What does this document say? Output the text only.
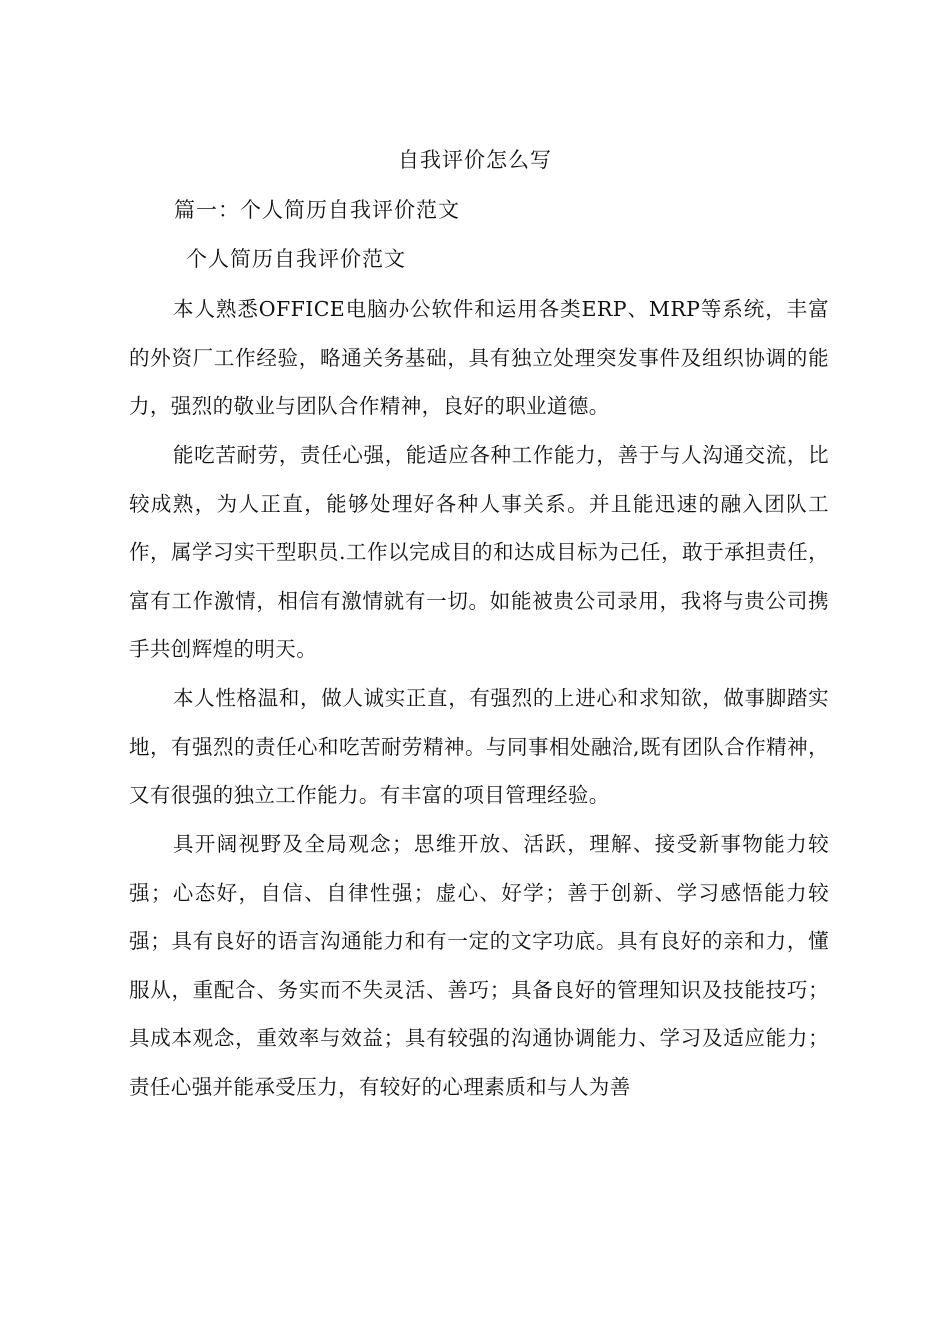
自我评价怎么写
篇一：个人简历自我评价范文
个人简历自我评价范文

本人熟悉OFFICE电脑办公软件和运用各类ERP、MRP等系统，丰富的外资厂工作经验，略通关务基础，具有独立处理突发事件及组织协调的能力，强烈的敬业与团队合作精神，良好的职业道德。

能吃苦耐劳，责任心强，能适应各种工作能力，善于与人沟通交流，比较成熟，为人正直，能够处理好各种人事关系。并且能迅速的融入团队工作，属学习实干型职员.工作以完成目的和达成目标为己任，敢于承担责任，富有工作激情，相信有激情就有一切。如能被贵公司录用，我将与贵公司携手共创辉煌的明天。

本人性格温和，做人诚实正直，有强烈的上进心和求知欲，做事脚踏实地，有强烈的责任心和吃苦耐劳精神。与同事相处融洽,既有团队合作精神，又有很强的独立工作能力。有丰富的项目管理经验。

具开阔视野及全局观念；思维开放、活跃，理解、接受新事物能力较强；心态好，自信、自律性强；虚心、好学；善于创新、学习感悟能力较强；具有良好的语言沟通能力和有一定的文字功底。具有良好的亲和力，懂服从，重配合、务实而不失灵活、善巧；具备良好的管理知识及技能技巧；具成本观念，重效率与效益；具有较强的沟通协调能力、学习及适应能力；责任心强并能承受压力，有较好的心理素质和与人为善
